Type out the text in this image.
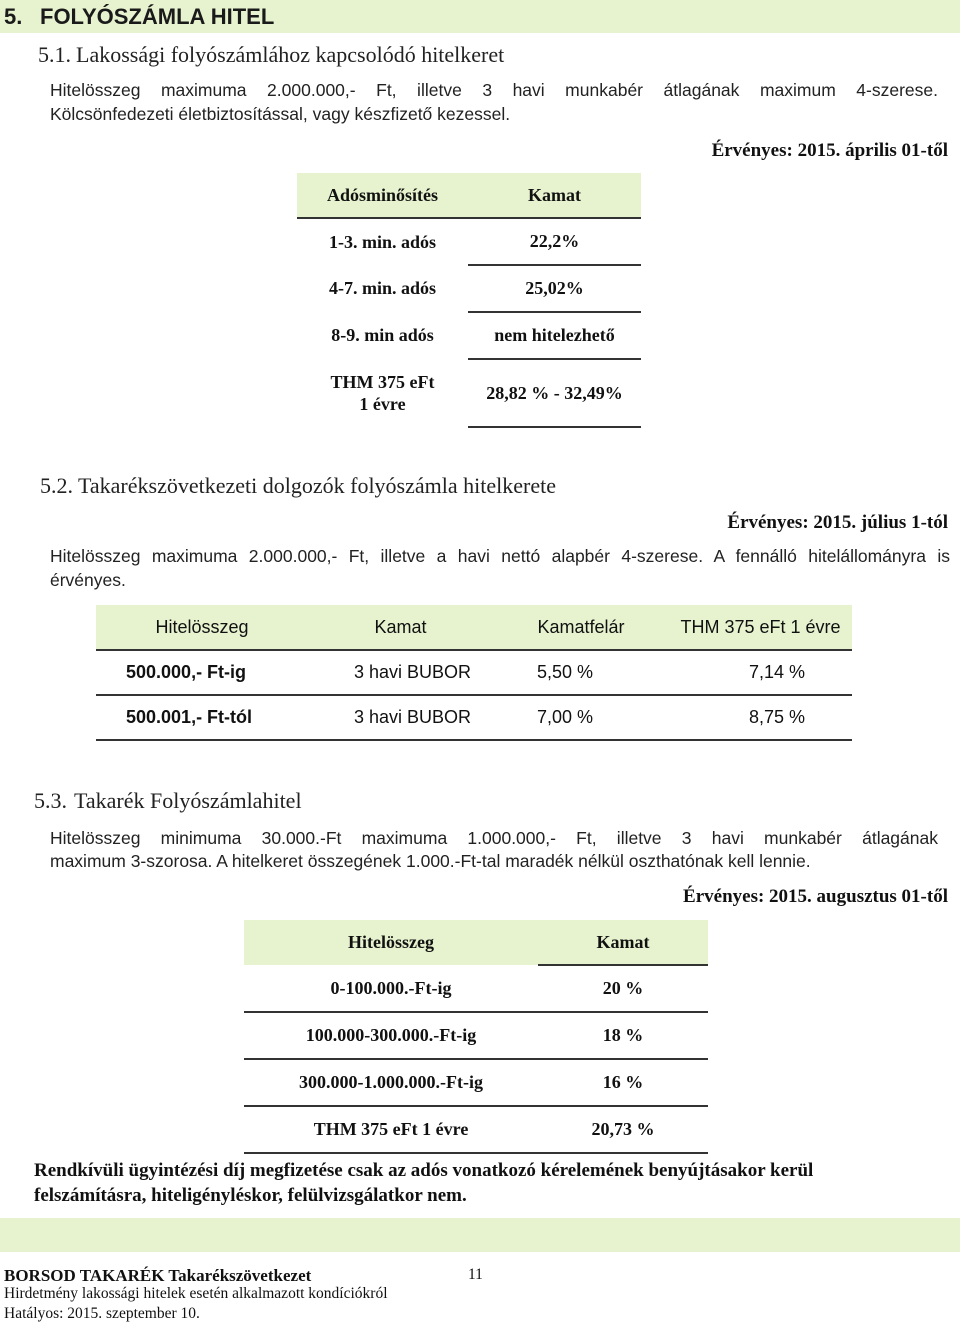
5. FOLYÓSZÁMLA HITEL
5.1. Lakossági folyószámlához kapcsolódó hitelkeret
Hitelösszeg maximuma 2.000.000,- Ft, illetve 3 havi munkabér átlagának maximum 4-szerese.
Kölcsönfedezeti életbiztosítással, vagy készfizető kezessel.
Érvényes: 2015. április 01-től
Adósminősítés	Kamat
1-3. min. adós	22,2%
4-7. min. adós	25,02%
8-9. min adós	nem hitelezhető
THM 375 eFt
1 évre	28,82 % - 32,49%
5.2. Takarékszövetkezeti dolgozók folyószámla hitelkerete
Érvényes: 2015. július 1-tól
Hitelösszeg maximuma 2.000.000,- Ft, illetve a havi nettó alapbér 4-szerese. A fennálló hitelállományra is
érvényes.
Hitelösszeg	Kamat	Kamatfelár	THM 375 eFt 1 évre
500.000,- Ft-ig	3 havi BUBOR	5,50 %	7,14 %
500.001,- Ft-tól	3 havi BUBOR	7,00 %	8,75 %
5.3. Takarék Folyószámlahitel
Hitelösszeg minimuma 30.000.-Ft maximuma 1.000.000,- Ft, illetve 3 havi munkabér átlagának
maximum 3-szorosa. A hitelkeret összegének 1.000.-Ft-tal maradék nélkül oszthatónak kell lennie.
Érvényes: 2015. augusztus 01-től
Hitelösszeg	Kamat
0-100.000.-Ft-ig	20 %
100.000-300.000.-Ft-ig	18 %
300.000-1.000.000.-Ft-ig	16 %
THM 375 eFt 1 évre	20,73 %
Rendkívüli ügyintézési díj megfizetése csak az adós vonatkozó kérelemének benyújtásakor kerül
felszámításra, hiteligényléskor, felülvizsgálatkor nem.
BORSOD TAKARÉK Takarékszövetkezet	11
Hirdetmény lakossági hitelek esetén alkalmazott kondíciókról
Hatályos: 2015. szeptember 10.
